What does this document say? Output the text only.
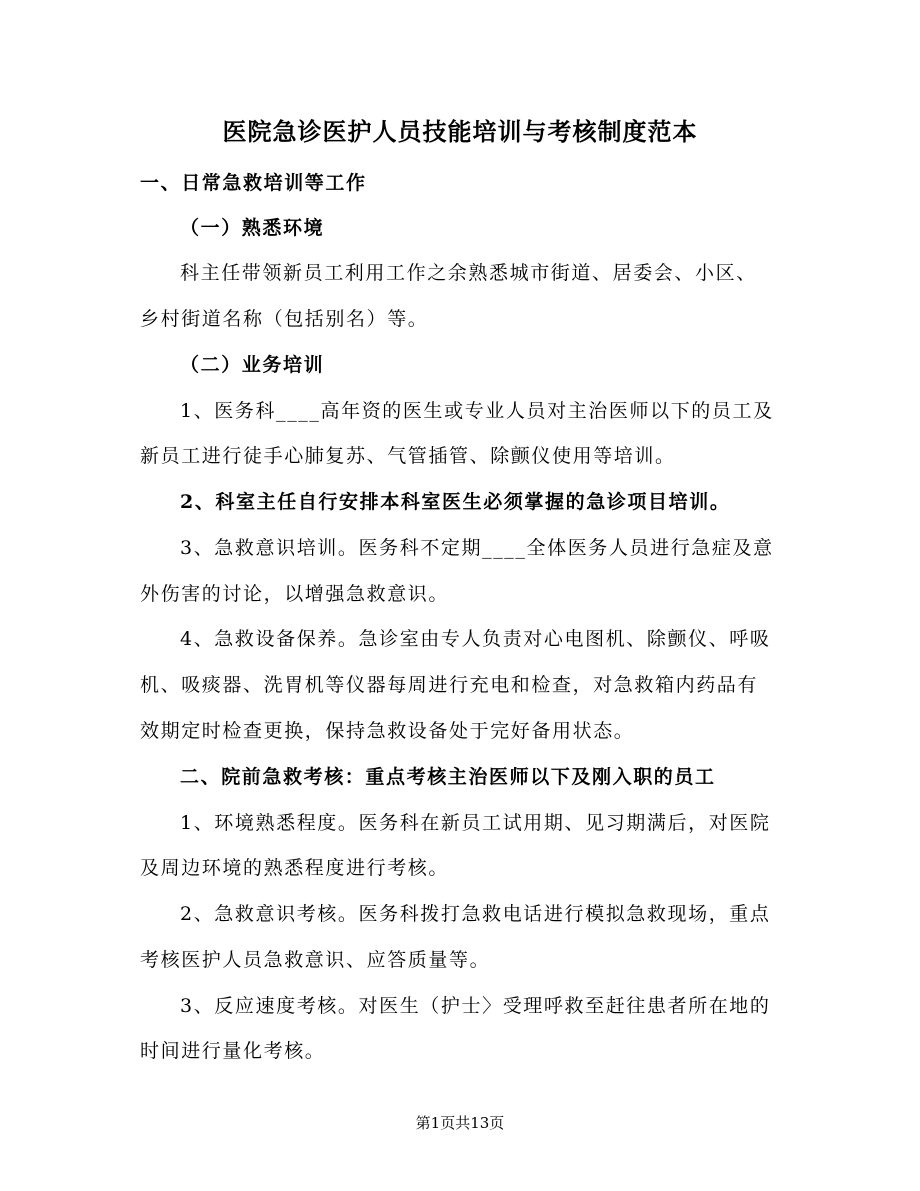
医院急诊医护人员技能培训与考核制度范本
一、日常急救培训等工作
（一）熟悉环境
科主任带领新员工利用工作之余熟悉城市街道、居委会、小区、
乡村街道名称（包括别名）等。
（二）业务培训
1、医务科____高年资的医生或专业人员对主治医师以下的员工及
新员工进行徒手心肺复苏、气管插管、除颤仪使用等培训。
2、科室主任自行安排本科室医生必须掌握的急诊项目培训。
3、急救意识培训。医务科不定期____全体医务人员进行急症及意
外伤害的讨论，以增强急救意识。
4、急救设备保养。急诊室由专人负责对心电图机、除颤仪、呼吸
机、吸痰器、洗胃机等仪器每周进行充电和检查，对急救箱内药品有
效期定时检查更换，保持急救设备处于完好备用状态。
二、院前急救考核：重点考核主治医师以下及刚入职的员工
1、环境熟悉程度。医务科在新员工试用期、见习期满后，对医院
及周边环境的熟悉程度进行考核。
2、急救意识考核。医务科拨打急救电话进行模拟急救现场，重点
考核医护人员急救意识、应答质量等。
3、反应速度考核。对医生（护士〉受理呼救至赶往患者所在地的
时间进行量化考核。
第1页共13页
